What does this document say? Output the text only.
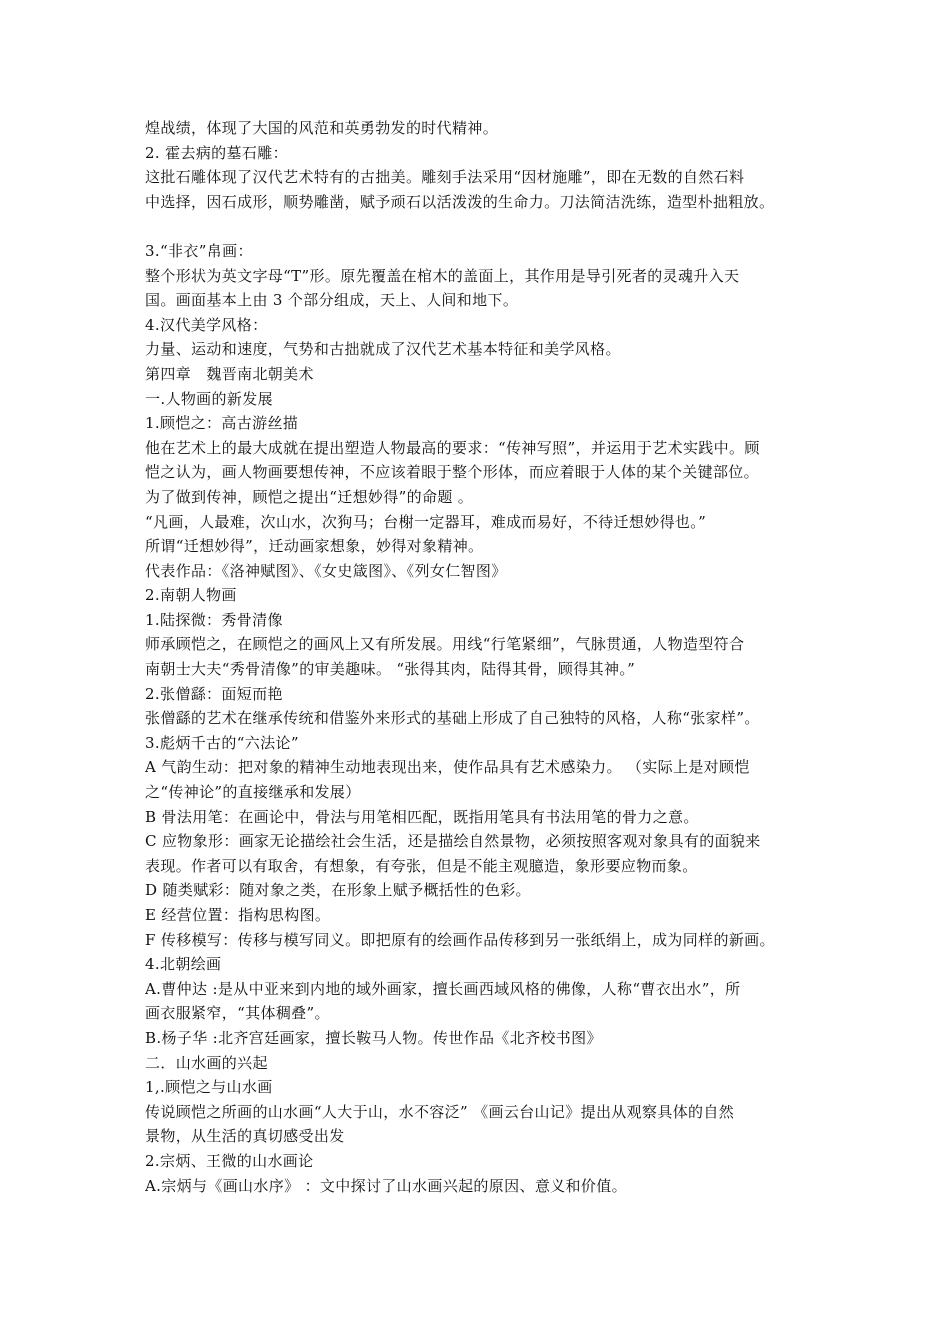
煌战绩，体现了大国的风范和英勇勃发的时代精神。
2. 霍去病的墓石雕：
这批石雕体现了汉代艺术特有的古拙美。雕刻手法采用“因材施雕”，即在无数的自然石料
中选择，因石成形，顺势雕凿，赋予顽石以活泼泼的生命力。刀法简洁洗练，造型朴拙粗放。
3.“非衣”帛画：
整个形状为英文字母“T”形。原先覆盖在棺木的盖面上，其作用是导引死者的灵魂升入天
国。画面基本上由 3 个部分组成，天上、人间和地下。
4.汉代美学风格：
力量、运动和速度，气势和古拙就成了汉代艺术基本特征和美学风格。
第四章　魏晋南北朝美术
一.人物画的新发展
1.顾恺之：高古游丝描
他在艺术上的最大成就在提出塑造人物最高的要求：“传神写照”，并运用于艺术实践中。顾
恺之认为，画人物画要想传神，不应该着眼于整个形体，而应着眼于人体的某个关键部位。
为了做到传神，顾恺之提出“迁想妙得”的命题 。
“凡画，人最难，次山水，次狗马；台榭一定器耳，难成而易好，不待迁想妙得也。”
所谓“迁想妙得”，迁动画家想象，妙得对象精神。
代表作品：《洛神赋图》、《女史箴图》、《列女仁智图》
2.南朝人物画
1.陆探微：秀骨清像
师承顾恺之，在顾恺之的画风上又有所发展。用线“行笔紧细”，气脉贯通，人物造型符合
南朝士大夫“秀骨清像”的审美趣味。 “张得其肉，陆得其骨，顾得其神。”
2.张僧繇：面短而艳
张僧繇的艺术在继承传统和借鉴外来形式的基础上形成了自己独特的风格，人称“张家样”。
3.彪炳千古的“六法论”
A 气韵生动：把对象的精神生动地表现出来，使作品具有艺术感染力。 （实际上是对顾恺
之“传神论”的直接继承和发展）
B 骨法用笔：在画论中，骨法与用笔相匹配，既指用笔具有书法用笔的骨力之意。
C 应物象形：画家无论描绘社会生活，还是描绘自然景物，必须按照客观对象具有的面貌来
表现。作者可以有取舍，有想象，有夸张，但是不能主观臆造，象形要应物而象。
D 随类赋彩：随对象之类，在形象上赋予概括性的色彩。
E 经营位置：指构思构图。
F 传移模写：传移与模写同义。即把原有的绘画作品传移到另一张纸绢上，成为同样的新画。
4.北朝绘画
A.曹仲达 :是从中亚来到内地的域外画家，擅长画西域风格的佛像，人称“曹衣出水”，所
画衣服紧窄，“其体稠叠”。
B.杨子华 :北齐宫廷画家，擅长鞍马人物。传世作品《北齐校书图》
二．山水画的兴起
1,.顾恺之与山水画
传说顾恺之所画的山水画“人大于山，水不容泛” 《画云台山记》提出从观察具体的自然
景物，从生活的真切感受出发
2.宗炳、王微的山水画论
A.宗炳与《画山水序》 ：文中探讨了山水画兴起的原因、意义和价值。
